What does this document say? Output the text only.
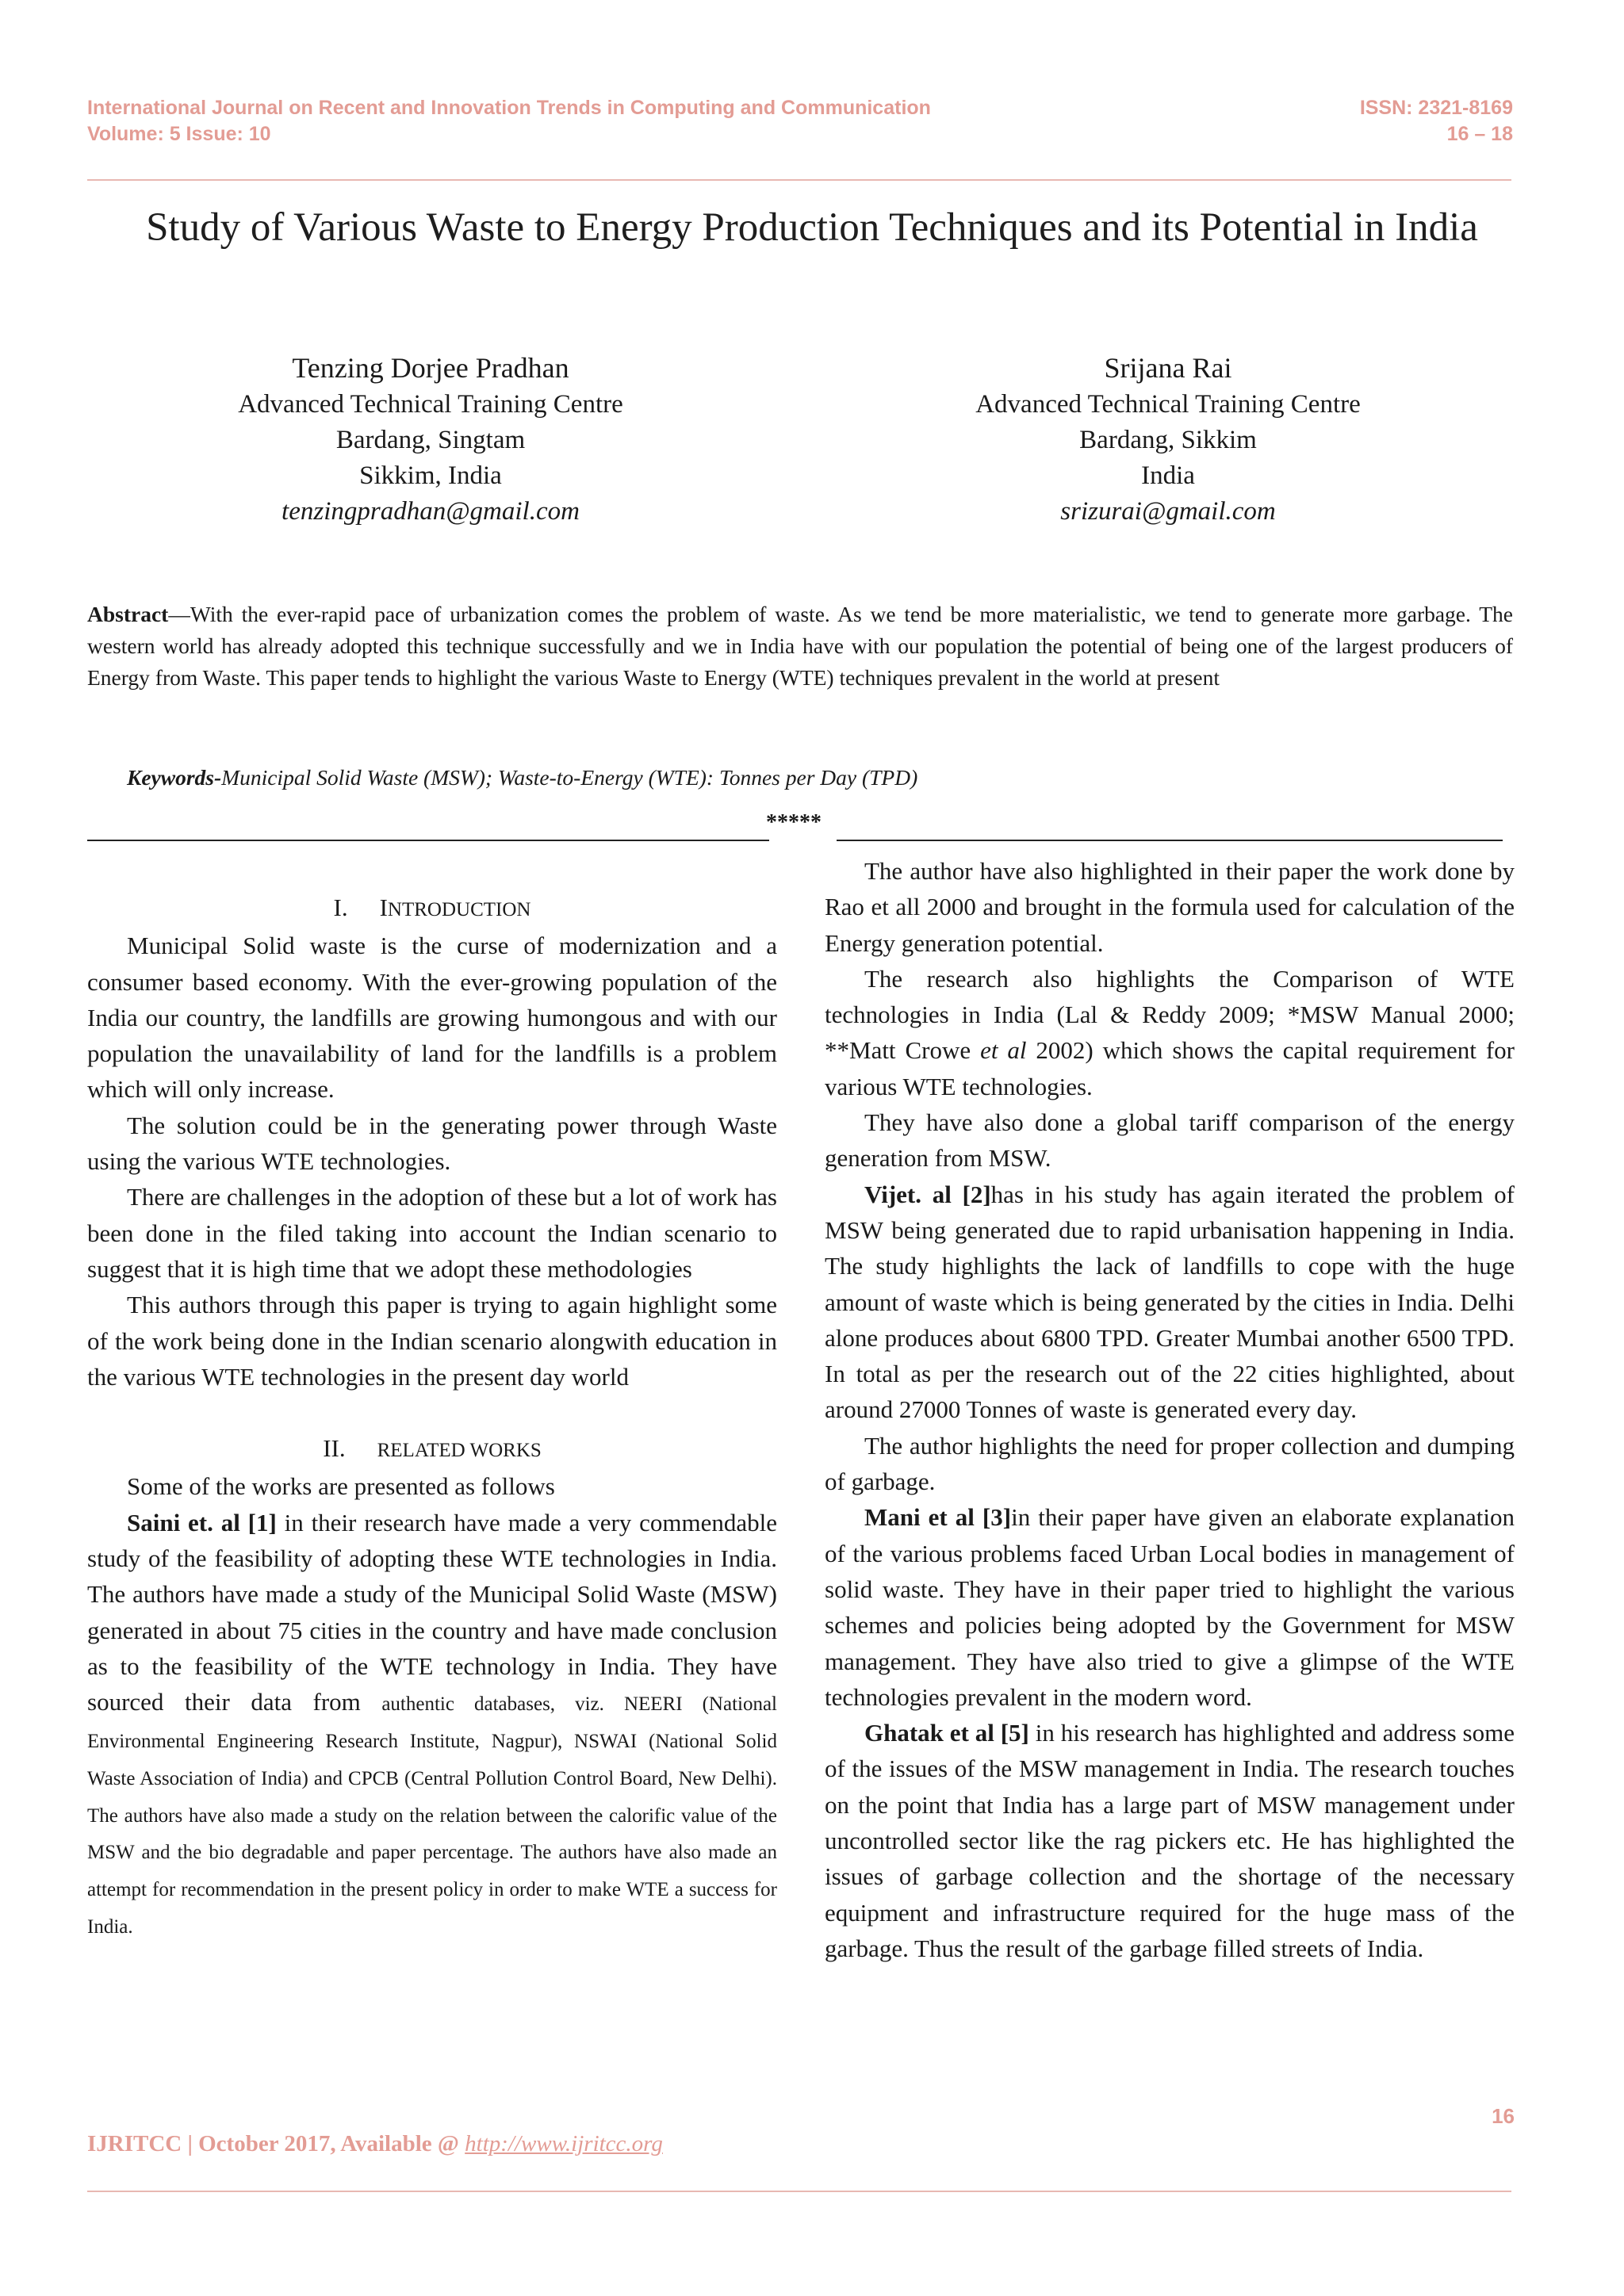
International Journal on Recent and Innovation Trends in Computing and Communication
Volume: 5 Issue: 10
ISSN: 2321-8169
16 – 18
Study of Various Waste to Energy Production Techniques and its Potential in India
Tenzing Dorjee Pradhan
Advanced Technical Training Centre
Bardang, Singtam
Sikkim, India
tenzingpradhan@gmail.com
Srijana Rai
Advanced Technical Training Centre
Bardang, Sikkim
India
srizurai@gmail.com
Abstract—With the ever-rapid pace of urbanization comes the problem of waste. As we tend be more materialistic, we tend to generate more garbage. The western world has already adopted this technique successfully and we in India have with our population the potential of being one of the largest producers of Energy from Waste. This paper tends to highlight the various Waste to Energy (WTE) techniques prevalent in the world at present
Keywords-Municipal Solid Waste (MSW); Waste-to-Energy (WTE): Tonnes per Day (TPD)
*****

I. INTRODUCTION

Municipal Solid waste is the curse of modernization and a consumer based economy. With the ever-growing population of the India our country, the landfills are growing humongous and with our population the unavailability of land for the landfills is a problem which will only increase.

The solution could be in the generating power through Waste using the various WTE technologies.

There are challenges in the adoption of these but a lot of work has been done in the filed taking into account the Indian scenario to suggest that it is high time that we adopt these methodologies

This authors through this paper is trying to again highlight some of the work being done in the Indian scenario alongwith education in the various WTE technologies in the present day world

II. RELATED WORKS

Some of the works are presented as follows

Saini et. al [1] in their research have made a very commendable study of the feasibility of adopting these WTE technologies in India. The authors have made a study of the Municipal Solid Waste (MSW) generated in about 75 cities in the country and have made conclusion as to the feasibility of the WTE technology in India. They have sourced their data from authentic databases, viz. NEERI (National Environmental Engineering Research Institute, Nagpur), NSWAI (National Solid Waste Association of India) and CPCB (Central Pollution Control Board, New Delhi). The authors have also made a study on the relation between the calorific value of the MSW and the bio degradable and paper percentage. The authors have also made an attempt for recommendation in the present policy in order to make WTE a success for India.

The author have also highlighted in their paper the work done by Rao et all 2000 and brought in the formula used for calculation of the Energy generation potential.

The research also highlights the Comparison of WTE technologies in India (Lal & Reddy 2009; *MSW Manual 2000; **Matt Crowe et al 2002) which shows the capital requirement for various WTE technologies.

They have also done a global tariff comparison of the energy generation from MSW.

Vijet. al [2]has in his study has again iterated the problem of MSW being generated due to rapid urbanisation happening in India. The study highlights the lack of landfills to cope with the huge amount of waste which is being generated by the cities in India. Delhi alone produces about 6800 TPD. Greater Mumbai another 6500 TPD. In total as per the research out of the 22 cities highlighted, about around 27000 Tonnes of waste is generated every day.

The author highlights the need for proper collection and dumping of garbage.

Mani et al [3]in their paper have given an elaborate explanation of the various problems faced Urban Local bodies in management of solid waste. They have in their paper tried to highlight the various schemes and policies being adopted by the Government for MSW management. They have also tried to give a glimpse of the WTE technologies prevalent in the modern word.

Ghatak et al [5] in his research has highlighted and address some of the issues of the MSW management in India. The research touches on the point that India has a large part of MSW management under uncontrolled sector like the rag pickers etc. He has highlighted the issues of garbage collection and the shortage of the necessary equipment and infrastructure required for the huge mass of the garbage. Thus the result of the garbage filled streets of India.

16
IJRITCC | October 2017, Available @ http://www.ijritcc.org
